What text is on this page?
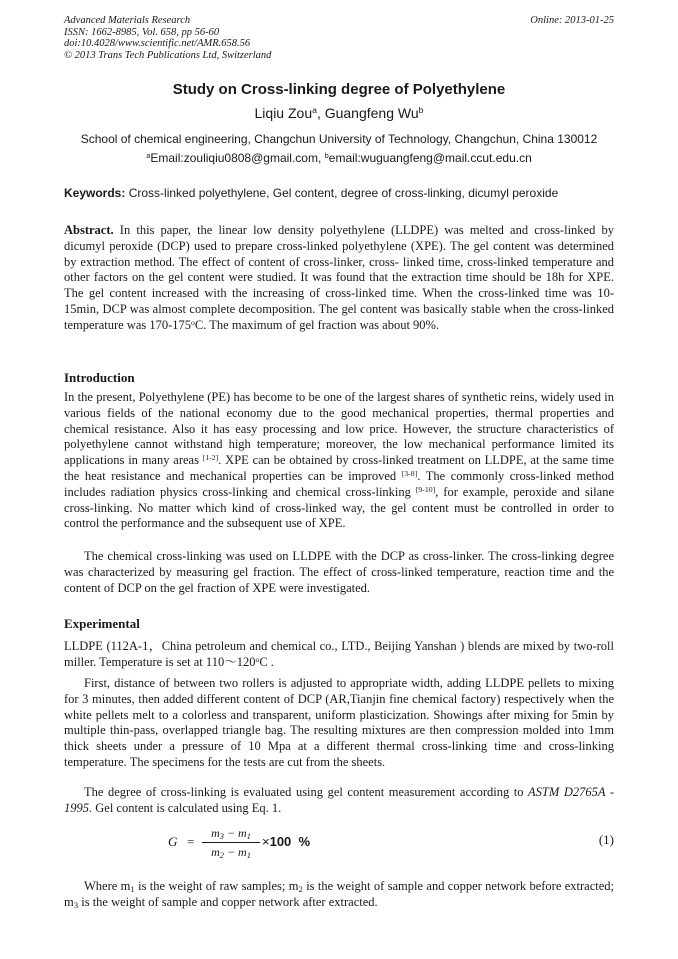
Advanced Materials Research
ISSN: 1662-8985, Vol. 658, pp 56-60
doi:10.4028/www.scientific.net/AMR.658.56
© 2013 Trans Tech Publications Ltd, Switzerland
Online: 2013-01-25
Study on Cross-linking degree of Polyethylene
Liqiu Zou$^a$, Guangfeng Wu$^b$
School of chemical engineering, Changchun University of Technology, Changchun, China 130012
$^a$Email:zouliqiu0808@gmail.com, $^b$email:wuguangfeng@mail.ccut.edu.cn
Keywords: Cross-linked polyethylene, Gel content, degree of cross-linking, dicumyl peroxide
Abstract. In this paper, the linear low density polyethylene (LLDPE) was melted and cross-linked by dicumyl peroxide (DCP) used to prepare cross-linked polyethylene (XPE). The gel content was determined by extraction method. The effect of content of cross-linker, cross- linked time, cross-linked temperature and other factors on the gel content were studied. It was found that the extraction time should be 18h for XPE. The gel content increased with the increasing of cross-linked time. When the cross-linked time was 10-15min, DCP was almost complete decomposition. The gel content was basically stable when the cross-linked temperature was 170-175$^o$C. The maximum of gel fraction was about 90%.
Introduction
In the present, Polyethylene (PE) has become to be one of the largest shares of synthetic reins, widely used in various fields of the national economy due to the good mechanical properties, thermal properties and chemical resistance. Also it has easy processing and low price. However, the structure characteristics of polyethylene cannot withstand high temperature; moreover, the low mechanical performance limited its applications in many areas [1-2]. XPE can be obtained by cross-linked treatment on LLDPE, at the same time the heat resistance and mechanical properties can be improved [3-8]. The commonly cross-linked method includes radiation physics cross-linking and chemical cross-linking [9-10], for example, peroxide and silane cross-linking. No matter which kind of cross-linked way, the gel content must be controlled in order to control the performance and the subsequent use of XPE.
The chemical cross-linking was used on LLDPE with the DCP as cross-linker. The cross-linking degree was characterized by measuring gel fraction. The effect of cross-linked temperature, reaction time and the content of DCP on the gel fraction of XPE were investigated.
Experimental
LLDPE (112A-1，China petroleum and chemical co., LTD., Beijing Yanshan ) blends are mixed by two-roll miller. Temperature is set at 110～120$^o$C .
First, distance of between two rollers is adjusted to appropriate width, adding LLDPE pellets to mixing for 3 minutes, then added different content of DCP (AR,Tianjin fine chemical factory) respectively when the white pellets melt to a colorless and transparent, uniform plasticization. Showings after mixing for 5min by multiple thin-pass, overlapped triangle bag. The resulting mixtures are then compression molded into 1mm thick sheets under a pressure of 10 Mpa at a different thermal cross-linking time and cross-linking temperature. The specimens for the tests are cut from the sheets.
The degree of cross-linking is evaluated using gel content measurement according to ASTM D2765A - 1995. Gel content is calculated using Eq. 1.
G =
$m_3 - m_1$
$m_2 - m_1$
×100 %	(1)
Where $m_1$ is the weight of raw samples; $m_2$ is the weight of sample and copper network before extracted; $m_3$ is the weight of sample and copper network after extracted.
